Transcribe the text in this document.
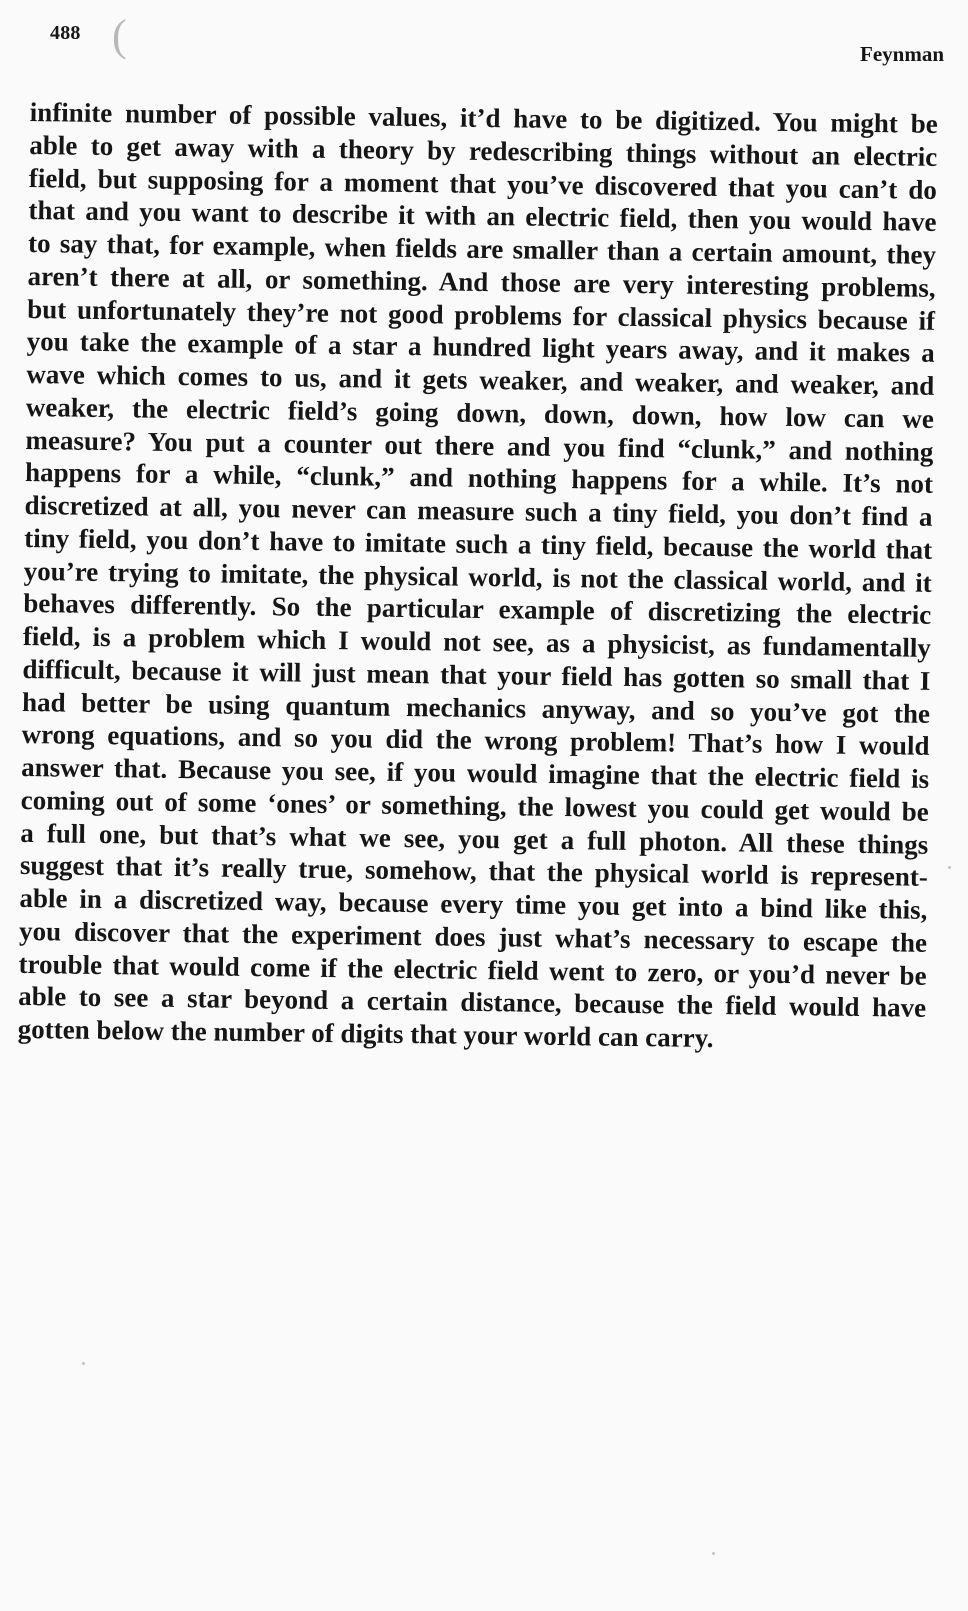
488 (	Feynman
infinite number of possible values, it’d have to be digitized. You might be
able to get away with a theory by redescribing things without an electric
field, but supposing for a moment that you’ve discovered that you can’t do
that and you want to describe it with an electric field, then you would have
to say that, for example, when fields are smaller than a certain amount, they
aren’t there at all, or something. And those are very interesting problems,
but unfortunately they’re not good problems for classical physics because if
you take the example of a star a hundred light years away, and it makes a
wave which comes to us, and it gets weaker, and weaker, and weaker, and
weaker, the electric field’s going down, down, down, how low can we
measure? You put a counter out there and you find “clunk,” and nothing
happens for a while, “clunk,” and nothing happens for a while. It’s not
discretized at all, you never can measure such a tiny field, you don’t find a
tiny field, you don’t have to imitate such a tiny field, because the world that
you’re trying to imitate, the physical world, is not the classical world, and it
behaves differently. So the particular example of discretizing the electric
field, is a problem which I would not see, as a physicist, as fundamentally
difficult, because it will just mean that your field has gotten so small that I
had better be using quantum mechanics anyway, and so you’ve got the
wrong equations, and so you did the wrong problem! That’s how I would
answer that. Because you see, if you would imagine that the electric field is
coming out of some ‘ones’ or something, the lowest you could get would be
a full one, but that’s what we see, you get a full photon. All these things
suggest that it’s really true, somehow, that the physical world is represent-
able in a discretized way, because every time you get into a bind like this,
you discover that the experiment does just what’s necessary to escape the
trouble that would come if the electric field went to zero, or you’d never be
able to see a star beyond a certain distance, because the field would have
gotten below the number of digits that your world can carry.
